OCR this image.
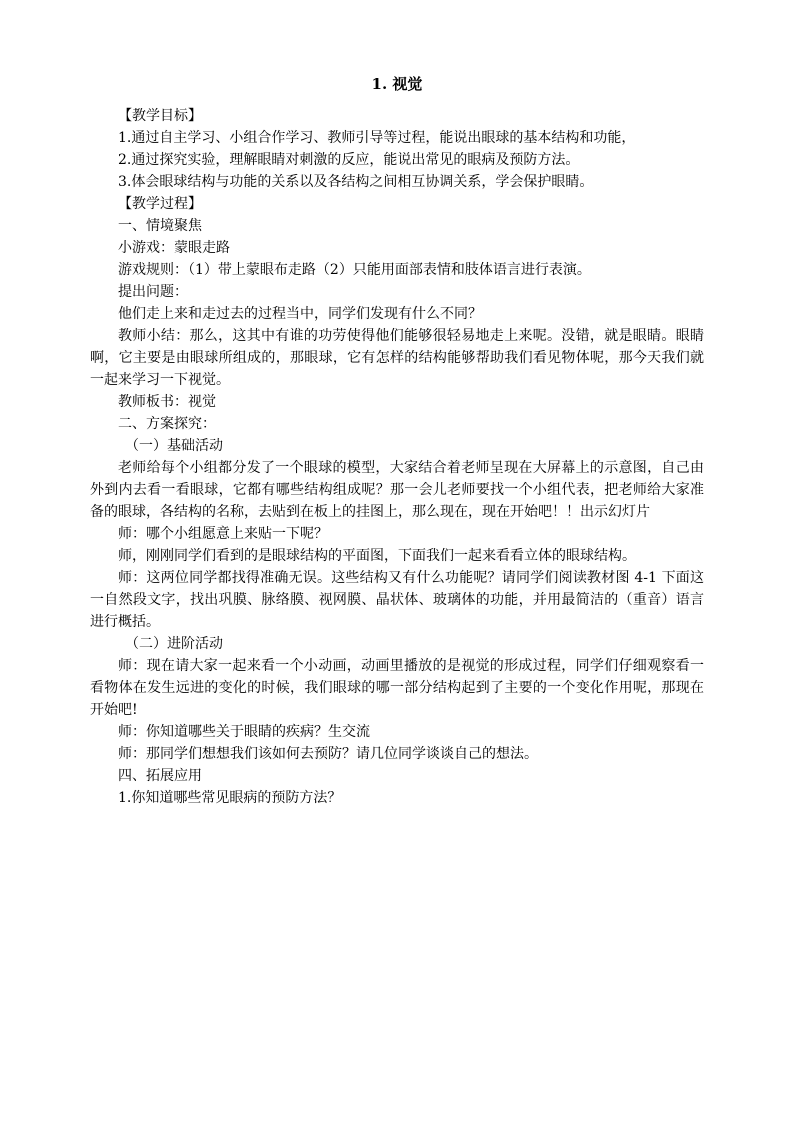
1. 视觉

【教学目标】

1.通过自主学习、小组合作学习、教师引导等过程，能说出眼球的基本结构和功能，

2.通过探究实验，理解眼睛对刺激的反应，能说出常见的眼病及预防方法。

3.体会眼球结构与功能的关系以及各结构之间相互协调关系，学会保护眼睛。

【教学过程】

一、情境聚焦

小游戏：蒙眼走路

游戏规则：（1）带上蒙眼布走路（2）只能用面部表情和肢体语言进行表演。

提出问题：

他们走上来和走过去的过程当中，同学们发现有什么不同？

教师小结：那么，这其中有谁的功劳使得他们能够很轻易地走上来呢。没错，就是眼睛。眼睛啊，它主要是由眼球所组成的，那眼球，它有怎样的结构能够帮助我们看见物体呢，那今天我们就一起来学习一下视觉。

教师板书：视觉

二、方案探究：

（一）基础活动

老师给每个小组都分发了一个眼球的模型，大家结合着老师呈现在大屏幕上的示意图，自己由外到内去看一看眼球，它都有哪些结构组成呢？那一会儿老师要找一个小组代表，把老师给大家准备的眼球，各结构的名称，去贴到在板上的挂图上，那么现在，现在开始吧！！出示幻灯片

师：哪个小组愿意上来贴一下呢？

师，刚刚同学们看到的是眼球结构的平面图，下面我们一起来看看立体的眼球结构。

师：这两位同学都找得准确无误。这些结构又有什么功能呢？请同学们阅读教材图 4-1 下面这一自然段文字，找出巩膜、脉络膜、视网膜、晶状体、玻璃体的功能，并用最简洁的（重音）语言进行概括。

（二）进阶活动

师：现在请大家一起来看一个小动画，动画里播放的是视觉的形成过程，同学们仔细观察看一看物体在发生远进的变化的时候，我们眼球的哪一部分结构起到了主要的一个变化作用呢，那现在开始吧!

师：你知道哪些关于眼睛的疾病？生交流

师：那同学们想想我们该如何去预防？请几位同学谈谈自己的想法。

四、拓展应用

1.你知道哪些常见眼病的预防方法？
